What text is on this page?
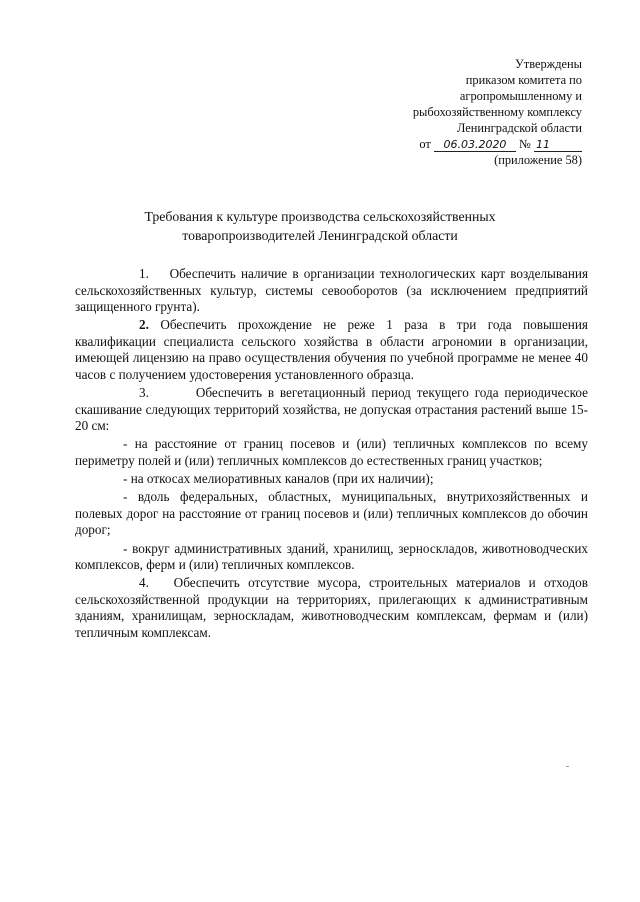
Утверждены
приказом комитета по
агропромышленному и
рыбохозяйственному комплексу
Ленинградской области
от 06.03.2020 № 11
(приложение 58)
Требования к культуре производства сельскохозяйственных
товаропроизводителей Ленинградской области

1. Обеспечить наличие в организации технологических карт возделывания сельскохозяйственных культур, системы севооборотов (за исключением предприятий защищенного грунта).

2. Обеспечить прохождение не реже 1 раза в три года повышения квалификации специалиста сельского хозяйства в области агрономии в организации, имеющей лицензию на право осуществления обучения по учебной программе не менее 40 часов с получением удостоверения установленного образца.

3.	Обеспечить в вегетационный период текущего года периодическое скашивание следующих территорий хозяйства, не допуская отрастания растений выше 15-20 см:

- на расстояние от границ посевов и (или) тепличных комплексов по всему периметру полей и (или) тепличных комплексов до естественных границ участков;

- на откосах мелиоративных каналов (при их наличии);

- вдоль федеральных, областных, муниципальных, внутрихозяйственных и полевых дорог на расстояние от границ посевов и (или) тепличных комплексов до обочин дорог;

- вокруг административных зданий, хранилищ, зерноскладов, животноводческих комплексов, ферм и (или) тепличных комплексов.

4. Обеспечить отсутствие мусора, строительных материалов и отходов сельскохозяйственной продукции на территориях, прилегающих к административным зданиям, хранилищам, зерноскладам, животноводческим комплексам, фермам и (или) тепличным комплексам.
